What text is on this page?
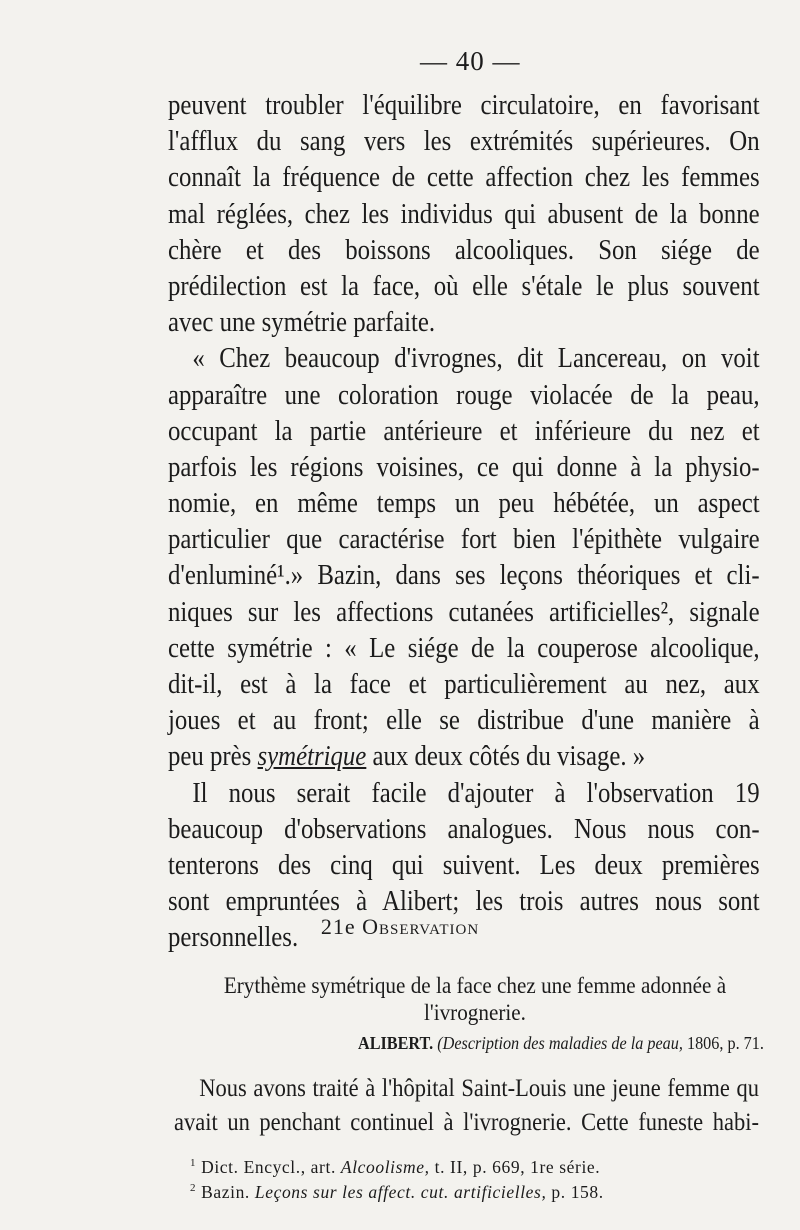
— 40 —
peuvent troubler l'équilibre circulatoire, en favorisant
l'afflux du sang vers les extrémités supérieures. On
connaît la fréquence de cette affection chez les femmes
mal réglées, chez les individus qui abusent de la bonne
chère et des boissons alcooliques. Son siége de
prédilection est la face, où elle s'étale le plus souvent
avec une symétrie parfaite.
« Chez beaucoup d'ivrognes, dit Lancereau, on voit
apparaître une coloration rouge violacée de la peau,
occupant la partie antérieure et inférieure du nez et
parfois les régions voisines, ce qui donne à la physio-
nomie, en même temps un peu hébétée, un aspect
particulier que caractérise fort bien l'épithète vulgaire
d'enluminé¹.» Bazin, dans ses leçons théoriques et cli-
niques sur les affections cutanées artificielles², signale
cette symétrie : « Le siége de la couperose alcoolique,
dit-il, est à la face et particulièrement au nez, aux
joues et au front; elle se distribue d'une manière à
peu près symétrique aux deux côtés du visage. »
Il nous serait facile d'ajouter à l'observation 19
beaucoup d'observations analogues. Nous nous con-
tenterons des cinq qui suivent. Les deux premières
sont empruntées à Alibert; les trois autres nous sont
personnelles.	21e Observation
Erythème symétrique de la face chez une femme adonnée à
l'ivrognerie.
ALIBERT. (Description des maladies de la peau, 1806, p. 71.
Nous avons traité à l'hôpital Saint-Louis une jeune femme qu
avait un penchant continuel à l'ivrognerie. Cette funeste habi-
$^1$ Dict. Encycl., art. Alcoolisme, t. II, p. 669, 1re série.
$^2$ Bazin. Leçons sur les affect. cut. artificielles, p. 158.
